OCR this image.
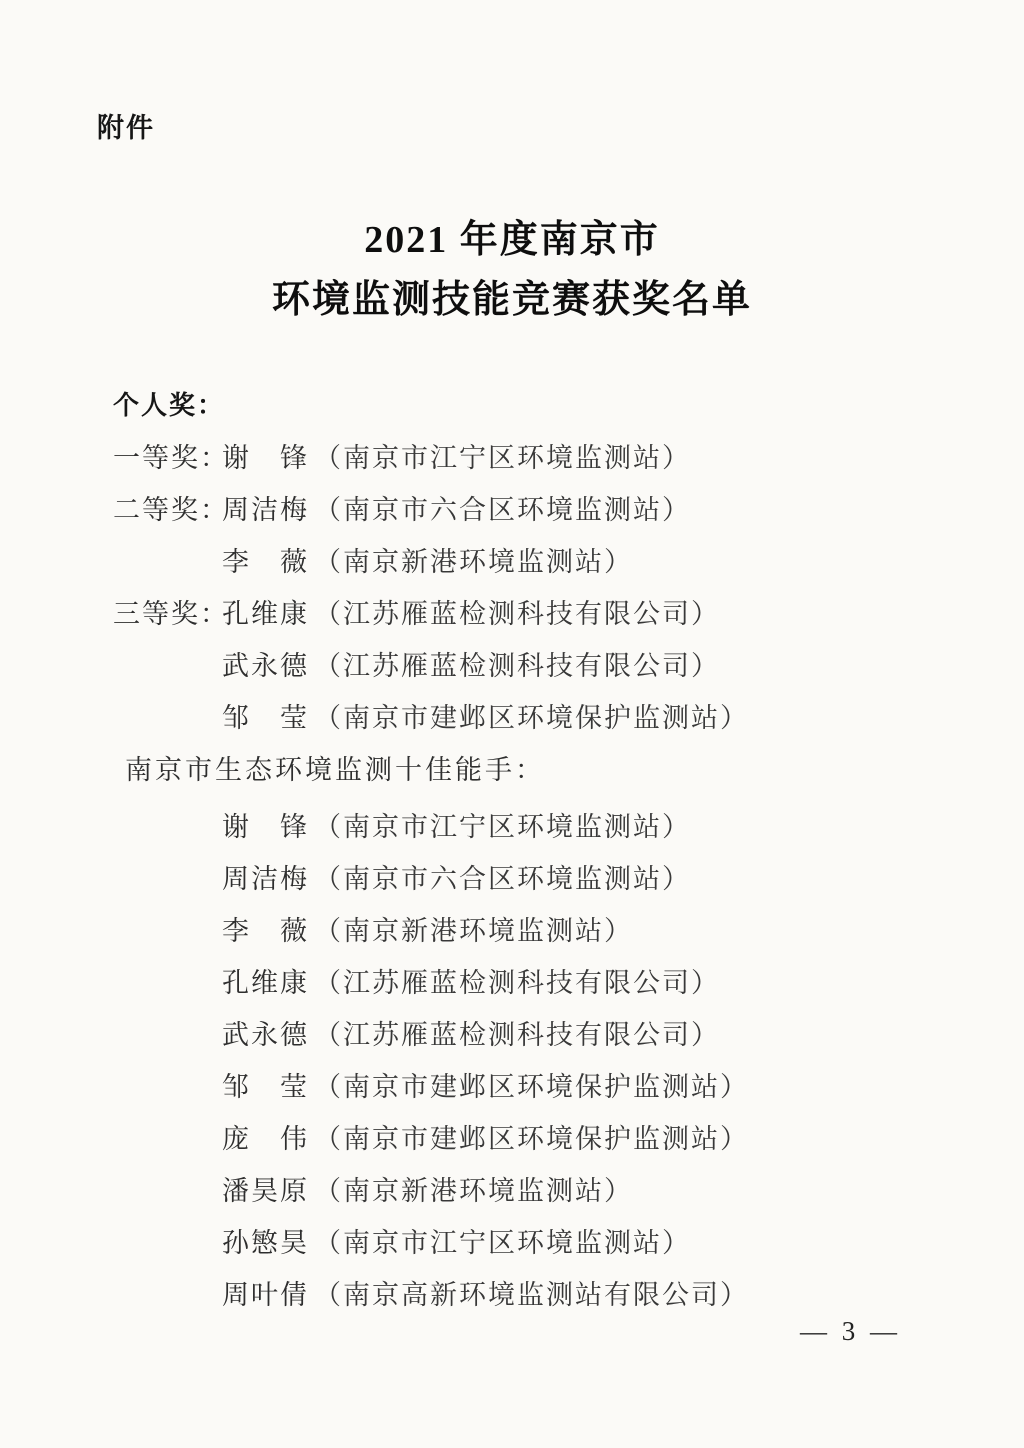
附件
2021 年度南京市
环境监测技能竞赛获奖名单
个人奖：
一等奖：谢　锋 （南京市江宁区环境监测站）
二等奖：周洁梅 （南京市六合区环境监测站）
李　薇 （南京新港环境监测站）
三等奖：孔维康 （江苏雁蓝检测科技有限公司）
武永德 （江苏雁蓝检测科技有限公司）
邹　莹 （南京市建邺区环境保护监测站）
南京市生态环境监测十佳能手：
谢　锋 （南京市江宁区环境监测站）
周洁梅 （南京市六合区环境监测站）
李　薇 （南京新港环境监测站）
孔维康 （江苏雁蓝检测科技有限公司）
武永德 （江苏雁蓝检测科技有限公司）
邹　莹 （南京市建邺区环境保护监测站）
庞　伟 （南京市建邺区环境保护监测站）
潘昊原 （南京新港环境监测站）
孙慜昊 （南京市江宁区环境监测站）
周叶倩 （南京高新环境监测站有限公司）
— 3 —
